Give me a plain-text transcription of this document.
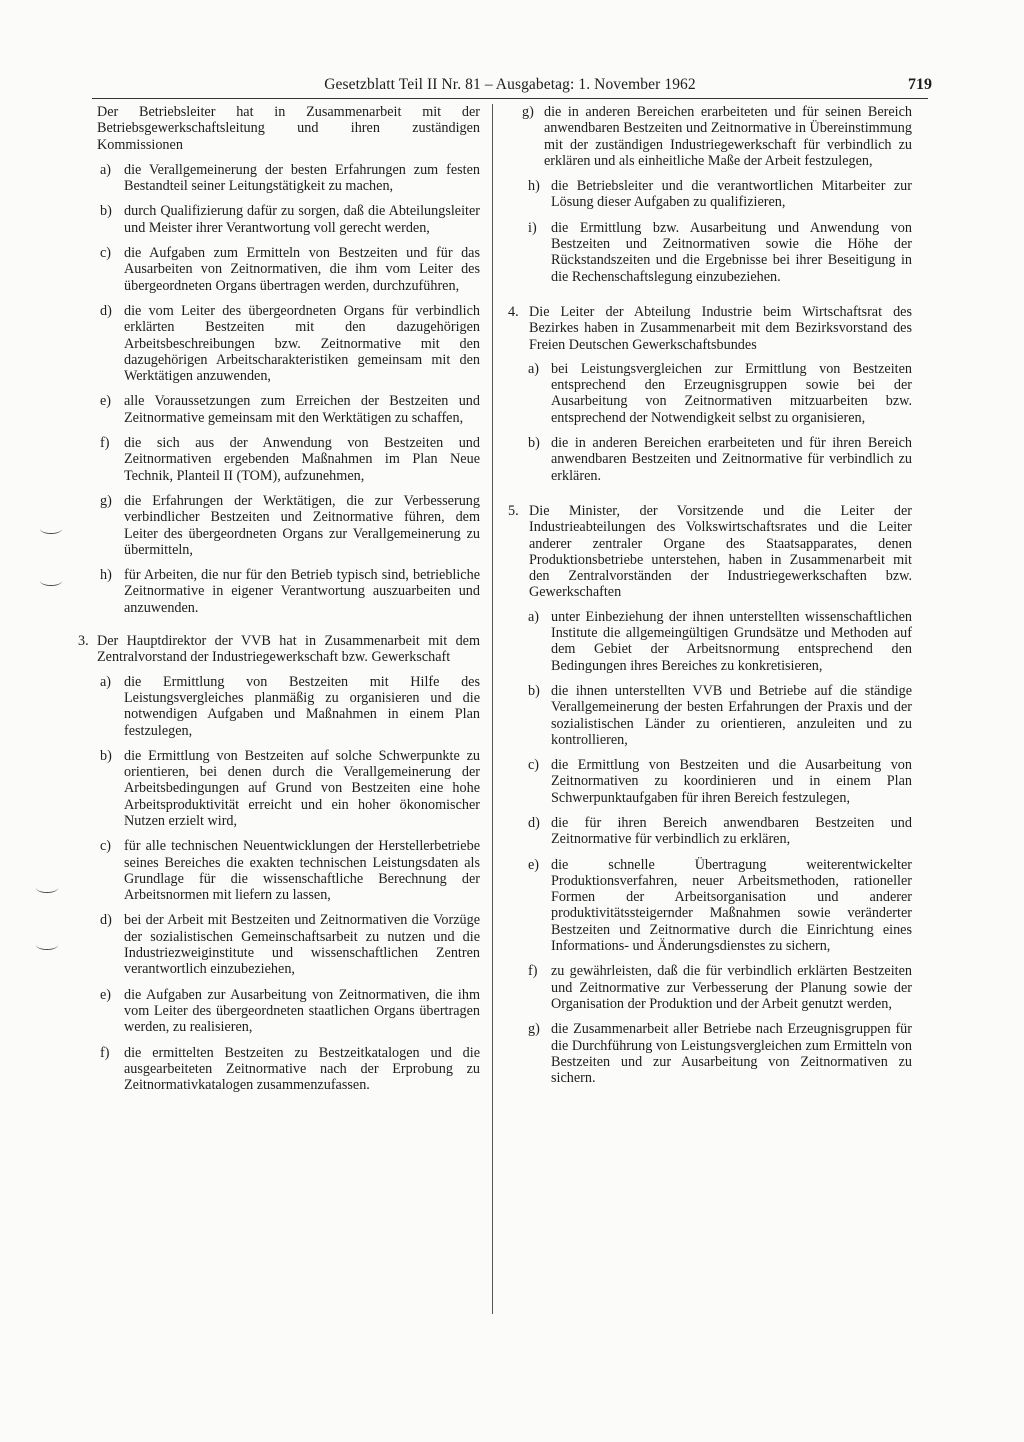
Gesetzblatt Teil II Nr. 81 – Ausgabetag: 1. November 1962	719
Der Betriebsleiter hat in Zusammenarbeit mit der Betriebsgewerkschaftsleitung und ihren zuständigen Kommissionen
a) die Verallgemeinerung der besten Erfahrungen zum festen Bestandteil seiner Leitungstätigkeit zu machen,
b) durch Qualifizierung dafür zu sorgen, daß die Abteilungsleiter und Meister ihrer Verantwortung voll gerecht werden,
c) die Aufgaben zum Ermitteln von Bestzeiten und für das Ausarbeiten von Zeitnormativen, die ihm vom Leiter des übergeordneten Organs übertragen werden, durchzuführen,
d) die vom Leiter des übergeordneten Organs für verbindlich erklärten Bestzeiten mit den dazugehörigen Arbeitsbeschreibungen bzw. Zeitnormative mit den dazugehörigen Arbeitscharakteristiken gemeinsam mit den Werktätigen anzuwenden,
e) alle Voraussetzungen zum Erreichen der Bestzeiten und Zeitnormative gemeinsam mit den Werktätigen zu schaffen,
f) die sich aus der Anwendung von Bestzeiten und Zeitnormativen ergebenden Maßnahmen im Plan Neue Technik, Planteil II (TOM), aufzunehmen,
g) die Erfahrungen der Werktätigen, die zur Verbesserung verbindlicher Bestzeiten und Zeitnormative führen, dem Leiter des übergeordneten Organs zur Verallgemeinerung zu übermitteln,
h) für Arbeiten, die nur für den Betrieb typisch sind, betriebliche Zeitnormative in eigener Verantwortung auszuarbeiten und anzuwenden.
3. Der Hauptdirektor der VVB hat in Zusammenarbeit mit dem Zentralvorstand der Industriegewerkschaft bzw. Gewerkschaft
a) die Ermittlung von Bestzeiten mit Hilfe des Leistungsvergleiches planmäßig zu organisieren und die notwendigen Aufgaben und Maßnahmen in einem Plan festzulegen,
b) die Ermittlung von Bestzeiten auf solche Schwerpunkte zu orientieren, bei denen durch die Verallgemeinerung der Arbeitsbedingungen auf Grund von Bestzeiten eine hohe Arbeitsproduktivität erreicht und ein hoher ökonomischer Nutzen erzielt wird,
c) für alle technischen Neuentwicklungen der Herstellerbetriebe seines Bereiches die exakten technischen Leistungsdaten als Grundlage für die wissenschaftliche Berechnung der Arbeitsnormen mit liefern zu lassen,
d) bei der Arbeit mit Bestzeiten und Zeitnormativen die Vorzüge der sozialistischen Gemeinschaftsarbeit zu nutzen und die Industriezweiginstitute und wissenschaftlichen Zentren verantwortlich einzubeziehen,
e) die Aufgaben zur Ausarbeitung von Zeitnormativen, die ihm vom Leiter des übergeordneten staatlichen Organs übertragen werden, zu realisieren,
f) die ermittelten Bestzeiten zu Bestzeitkatalogen und die ausgearbeiteten Zeitnormative nach der Erprobung zu Zeitnormativkatalogen zusammenzufassen.
g) die in anderen Bereichen erarbeiteten und für seinen Bereich anwendbaren Bestzeiten und Zeitnormative in Übereinstimmung mit der zuständigen Industriegewerkschaft für verbindlich zu erklären und als einheitliche Maße der Arbeit festzulegen,
h) die Betriebsleiter und die verantwortlichen Mitarbeiter zur Lösung dieser Aufgaben zu qualifizieren,
i) die Ermittlung bzw. Ausarbeitung und Anwendung von Bestzeiten und Zeitnormativen sowie die Höhe der Rückstandszeiten und die Ergebnisse bei ihrer Beseitigung in die Rechenschaftslegung einzubeziehen.
4. Die Leiter der Abteilung Industrie beim Wirtschaftsrat des Bezirkes haben in Zusammenarbeit mit dem Bezirksvorstand des Freien Deutschen Gewerkschaftsbundes
a) bei Leistungsvergleichen zur Ermittlung von Bestzeiten entsprechend den Erzeugnisgruppen sowie bei der Ausarbeitung von Zeitnormativen mitzuarbeiten bzw. entsprechend der Notwendigkeit selbst zu organisieren,
b) die in anderen Bereichen erarbeiteten und für ihren Bereich anwendbaren Bestzeiten und Zeitnormative für verbindlich zu erklären.
5. Die Minister, der Vorsitzende und die Leiter der Industrieabteilungen des Volkswirtschaftsrates und die Leiter anderer zentraler Organe des Staatsapparates, denen Produktionsbetriebe unterstehen, haben in Zusammenarbeit mit den Zentralvorständen der Industriegewerkschaften bzw. Gewerkschaften
a) unter Einbeziehung der ihnen unterstellten wissenschaftlichen Institute die allgemeingültigen Grundsätze und Methoden auf dem Gebiet der Arbeitsnormung entsprechend den Bedingungen ihres Bereiches zu konkretisieren,
b) die ihnen unterstellten VVB und Betriebe auf die ständige Verallgemeinerung der besten Erfahrungen der Praxis und der sozialistischen Länder zu orientieren, anzuleiten und zu kontrollieren,
c) die Ermittlung von Bestzeiten und die Ausarbeitung von Zeitnormativen zu koordinieren und in einem Plan Schwerpunktaufgaben für ihren Bereich festzulegen,
d) die für ihren Bereich anwendbaren Bestzeiten und Zeitnormative für verbindlich zu erklären,
e) die schnelle Übertragung weiterentwickelter Produktionsverfahren, neuer Arbeitsmethoden, rationeller Formen der Arbeitsorganisation und anderer produktivitätssteigernder Maßnahmen sowie veränderter Bestzeiten und Zeitnormative durch die Einrichtung eines Informations- und Änderungsdienstes zu sichern,
f) zu gewährleisten, daß die für verbindlich erklärten Bestzeiten und Zeitnormative zur Verbesserung der Planung sowie der Organisation der Produktion und der Arbeit genutzt werden,
g) die Zusammenarbeit aller Betriebe nach Erzeugnisgruppen für die Durchführung von Leistungsvergleichen zum Ermitteln von Bestzeiten und zur Ausarbeitung von Zeitnormativen zu sichern.
